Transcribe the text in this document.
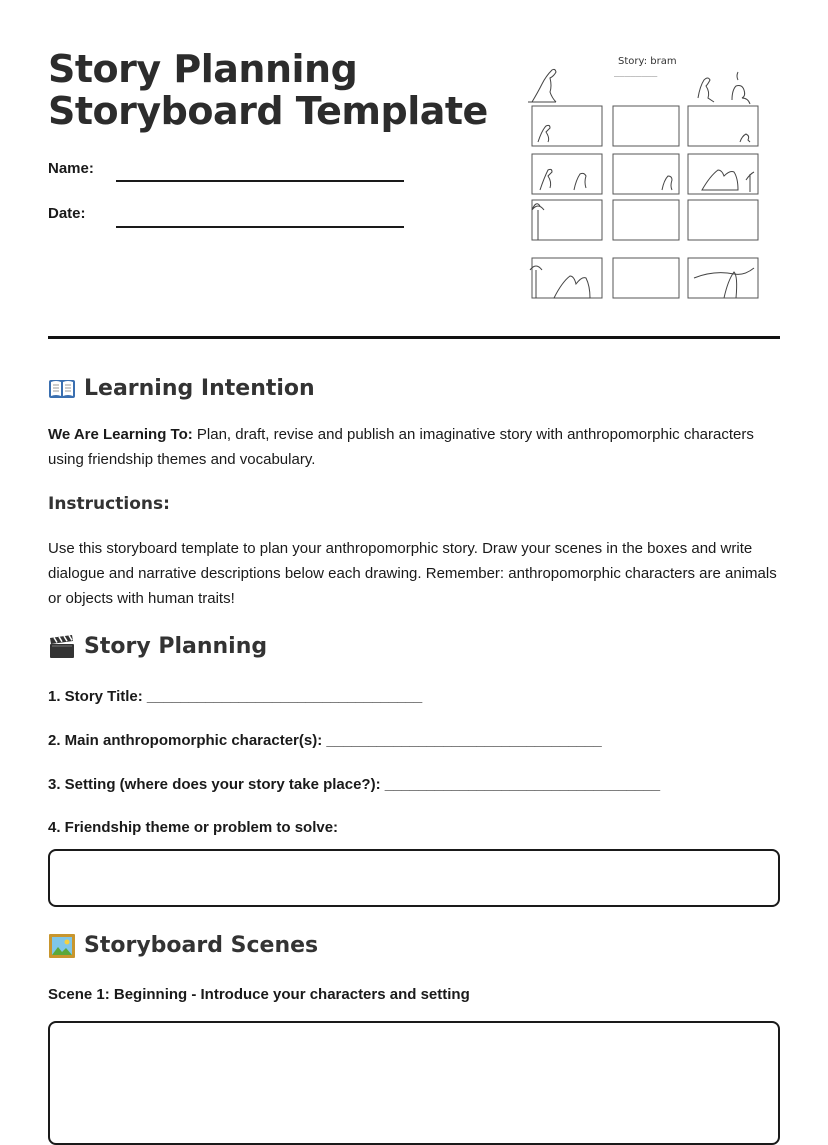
Story Planning
Storyboard Template
Name:
Date:
Story: bram
________
Learning Intention

We Are Learning To: Plan, draft, revise and publish an imaginative story with anthropomorphic characters using friendship themes and vocabulary.

Instructions:

Use this storyboard template to plan your anthropomorphic story. Draw your scenes in the boxes and write dialogue and narrative descriptions below each drawing. Remember: anthropomorphic characters are animals or objects with human traits!

Story Planning

1. Story Title: _________________________________

2. Main anthropomorphic character(s): _________________________________

3. Setting (where does your story take place?): _________________________________

4. Friendship theme or problem to solve:

Storyboard Scenes
Scene 1: Beginning - Introduce your characters and setting
